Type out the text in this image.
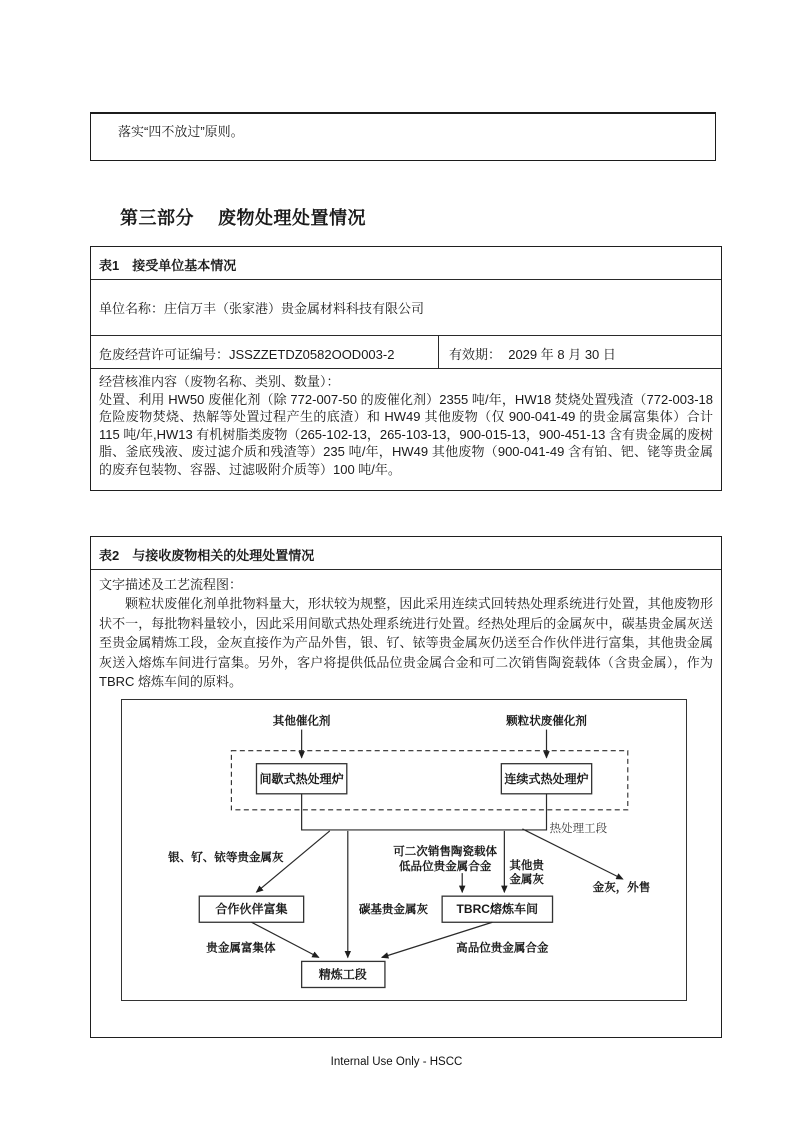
落实“四不放过”原则。
第三部分　 废物处理处置情况
表1　接受单位基本情况
单位名称：庄信万丰（张家港）贵金属材料科技有限公司
危废经营许可证编号：JSSZZETDZ0582OOD003-2	有效期：  2029 年 8 月 30 日
经营核准内容（废物名称、类别、数量）：
处置、利用 HW50 废催化剂（除 772-007-50 的废催化剂）2355 吨/年，HW18 焚烧处置残渣（772-003-18 危险废物焚烧、热解等处置过程产生的底渣）和 HW49 其他废物（仅 900-041-49 的贵金属富集体）合计 115 吨/年,HW13 有机树脂类废物（265-102-13，265-103-13，900-015-13，900-451-13 含有贵金属的废树脂、釜底残液、废过滤介质和残渣等）235 吨/年，HW49 其他废物（900-041-49 含有铂、钯、铑等贵金属的废弃包装物、容器、过滤吸附介质等）100 吨/年。
表2　与接收废物相关的处理处置情况
文字描述及工艺流程图：
颗粒状废催化剂单批物料量大，形状较为规整，因此采用连续式回转热处理系统进行处置，其他废物形状不一，每批物料量较小，因此采用间歇式热处理系统进行处置。经热处理后的金属灰中，碳基贵金属灰送至贵金属精炼工段，金灰直接作为产品外售，银、钌、铱等贵金属灰仍送至合作伙伴进行富集，其他贵金属灰送入熔炼车间进行富集。另外，客户将提供低品位贵金属合金和可二次销售陶瓷载体（含贵金属），作为 TBRC 熔炼车间的原料。
其他催化剂	颗粒状废催化剂
间歇式热处理炉	连续式热处理炉
热处理工段
银、钌、铱等贵金属灰
可二次销售陶瓷载体
低品位贵金属合金 其他贵
金属灰
金灰，外售
碳基贵金属灰
合作伙伴富集	TBRC熔炼车间
贵金属富集体	高品位贵金属合金
精炼工段
Internal Use Only - HSCC
